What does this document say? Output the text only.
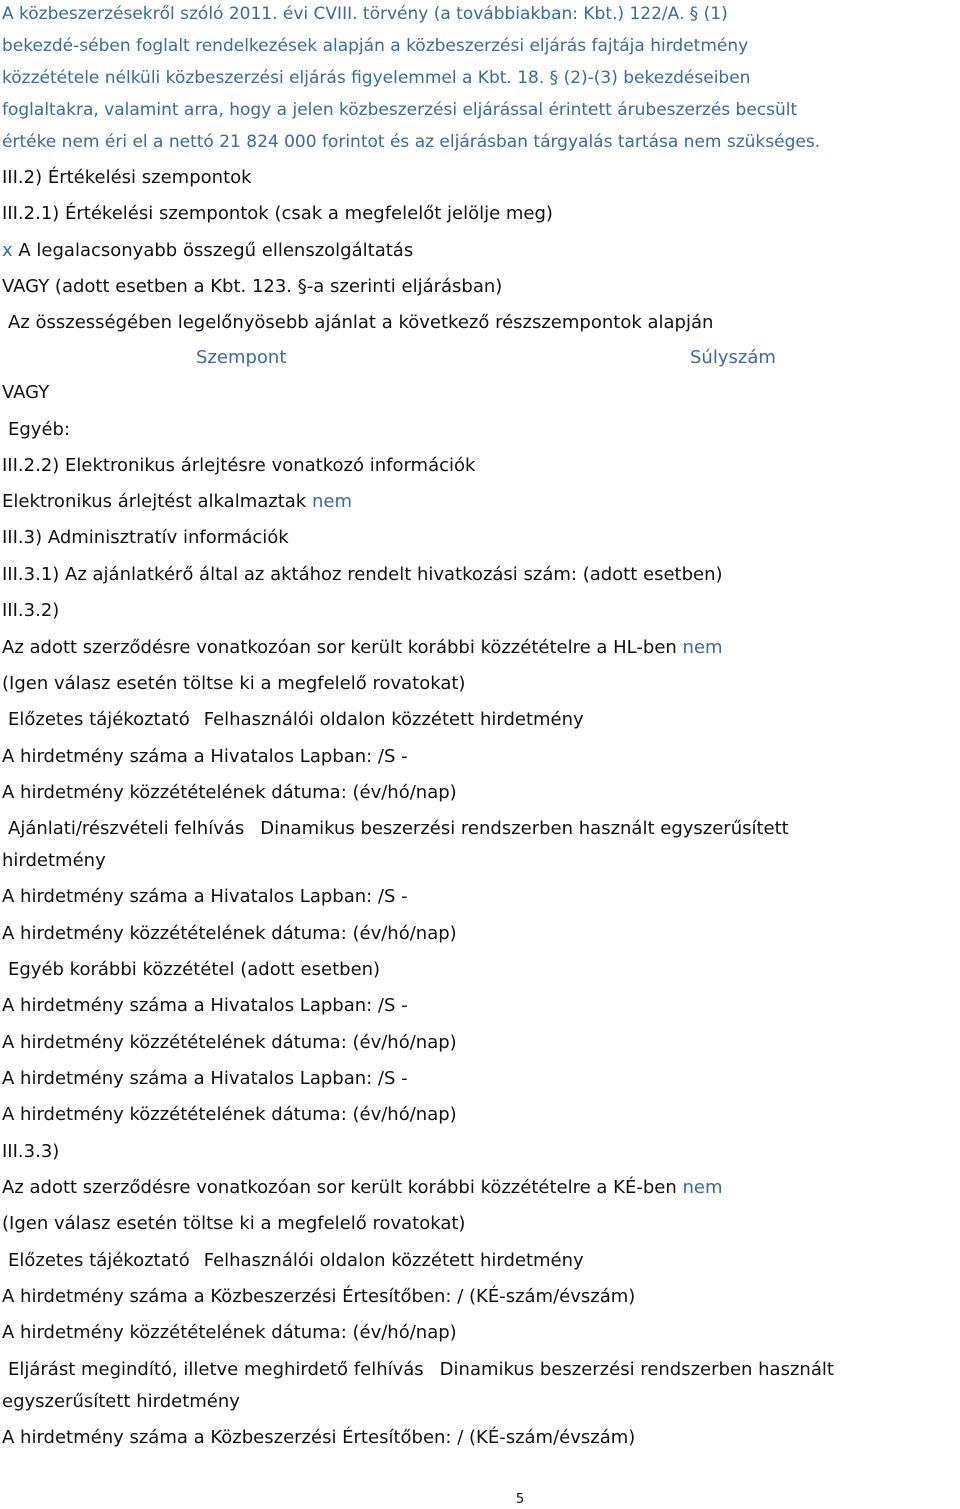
A közbeszerzésekről szóló 2011. évi CVIII. törvény (a továbbiakban: Kbt.) 122/A. § (1)
bekezdé-sében foglalt rendelkezések alapján a közbeszerzési eljárás fajtája hirdetmény
közzététele nélküli közbeszerzési eljárás figyelemmel a Kbt. 18. § (2)-(3) bekezdéseiben
foglaltakra, valamint arra, hogy a jelen közbeszerzési eljárással érintett árubeszerzés becsült
értéke nem éri el a nettó 21 824 000 forintot és az eljárásban tárgyalás tartása nem szükséges.
III.2) Értékelési szempontok
III.2.1) Értékelési szempontok (csak a megfelelőt jelölje meg)
x A legalacsonyabb összegű ellenszolgáltatás
VAGY (adott esetben a Kbt. 123. §-a szerinti eljárásban)
Az összességében legelőnyösebb ajánlat a következő részszempontok alapján
Szempont	Súlyszám
VAGY
Egyéb:
III.2.2) Elektronikus árlejtésre vonatkozó információk
Elektronikus árlejtést alkalmaztak nem
III.3) Adminisztratív információk
III.3.1) Az ajánlatkérő által az aktához rendelt hivatkozási szám: (adott esetben)
III.3.2)
Az adott szerződésre vonatkozóan sor került korábbi közzétételre a HL-ben nem
(Igen válasz esetén töltse ki a megfelelő rovatokat)
Előzetes tájékoztató Felhasználói oldalon közzétett hirdetmény
A hirdetmény száma a Hivatalos Lapban: /S -
A hirdetmény közzétételének dátuma: (év/hó/nap)
Ajánlati/részvételi felhívás Dinamikus beszerzési rendszerben használt egyszerűsített
hirdetmény
A hirdetmény száma a Hivatalos Lapban: /S -
A hirdetmény közzétételének dátuma: (év/hó/nap)
Egyéb korábbi közzététel (adott esetben)
A hirdetmény száma a Hivatalos Lapban: /S -
A hirdetmény közzétételének dátuma: (év/hó/nap)
A hirdetmény száma a Hivatalos Lapban: /S -
A hirdetmény közzétételének dátuma: (év/hó/nap)
III.3.3)
Az adott szerződésre vonatkozóan sor került korábbi közzétételre a KÉ-ben nem
(Igen válasz esetén töltse ki a megfelelő rovatokat)
Előzetes tájékoztató Felhasználói oldalon közzétett hirdetmény
A hirdetmény száma a Közbeszerzési Értesítőben: / (KÉ-szám/évszám)
A hirdetmény közzétételének dátuma: (év/hó/nap)
Eljárást megindító, illetve meghirdető felhívás Dinamikus beszerzési rendszerben használt
egyszerűsített hirdetmény
A hirdetmény száma a Közbeszerzési Értesítőben: / (KÉ-szám/évszám)
5
